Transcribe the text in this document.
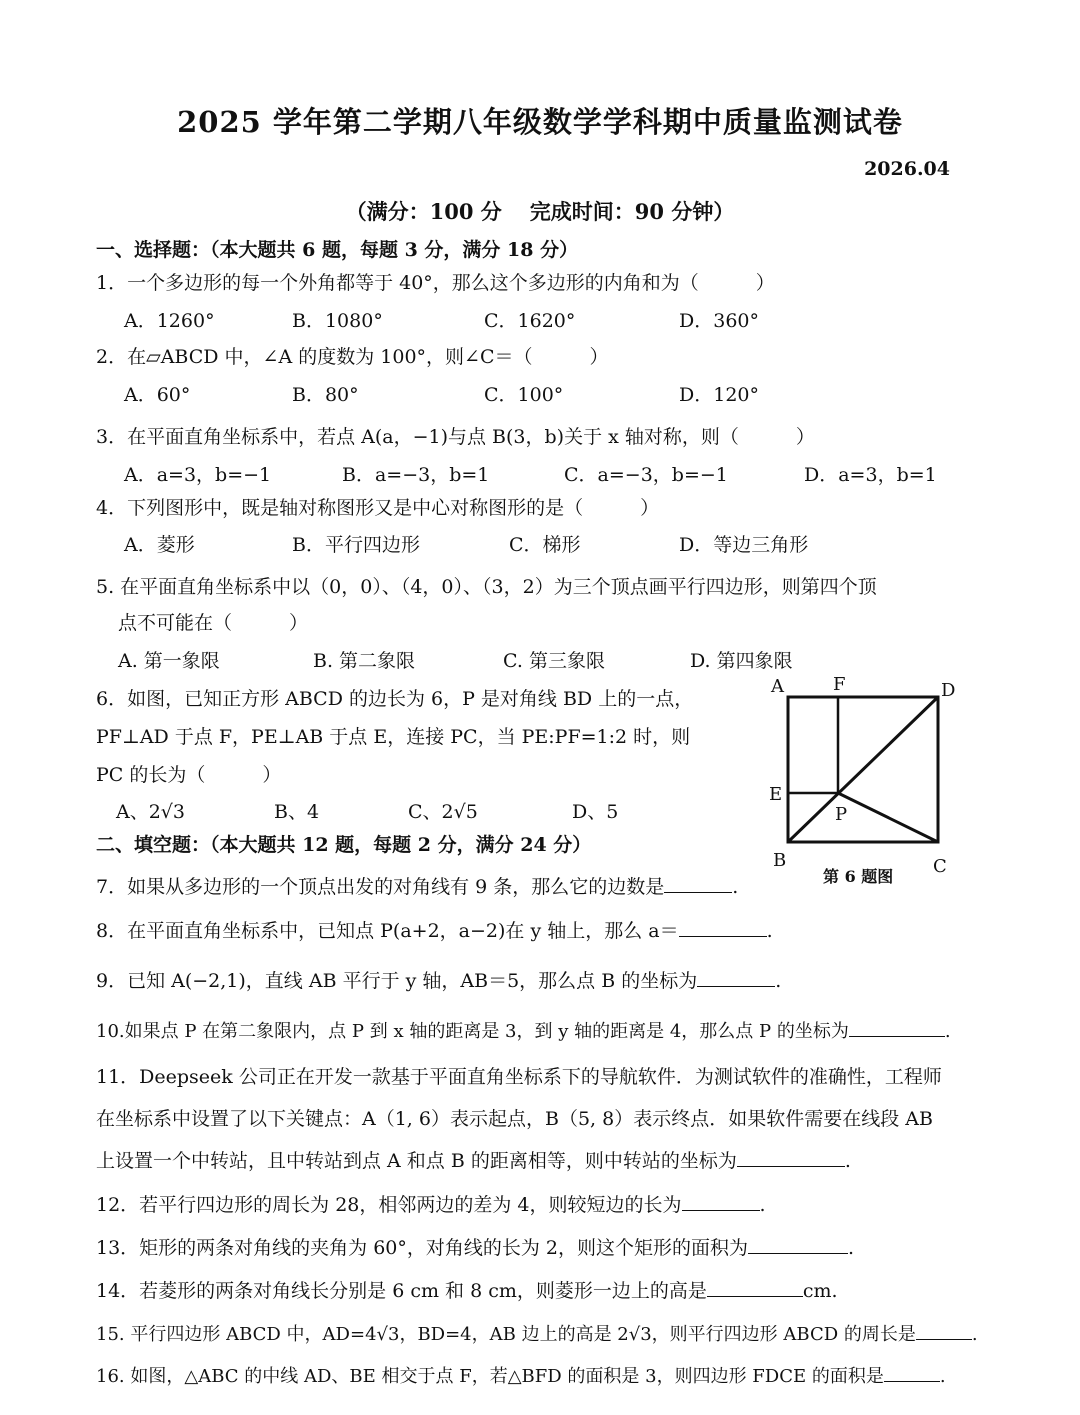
2025 学年第二学期八年级数学学科期中质量监测试卷
2026.04
（满分：100 分 完成时间：90 分钟）
一、选择题：（本大题共 6 题，每题 3 分，满分 18 分）
1．一个多边形的每一个外角都等于 40°，那么这个多边形的内角和为（　　　）
A．1260°	B．1080°	C．1620°	D．360°
2．在▱ABCD 中，∠A 的度数为 100°，则∠C＝（　　　）
A．60°	B．80°	C．100°	D．120°
3．在平面直角坐标系中，若点 A(a，−1)与点 B(3，b)关于 x 轴对称，则（　　　）
A．a=3，b=−1	B．a=−3，b=1	C．a=−3，b=−1	D．a=3，b=1
4．下列图形中，既是轴对称图形又是中心对称图形的是（　　　）
A．菱形	B．平行四边形	C．梯形	D．等边三角形
5. 在平面直角坐标系中以（0，0）、（4，0）、（3，2）为三个顶点画平行四边形，则第四个顶
点不可能在（　　　）
A. 第一象限	B. 第二象限	C. 第三象限	D. 第四象限
6．如图，已知正方形 ABCD 的边长为 6，P 是对角线 BD 上的一点，
PF⊥AD 于点 F，PE⊥AB 于点 E，连接 PC，当 PE:PF=1:2 时，则
PC 的长为（　　　）
A、2√3	B、4	C、2√5	D、5
A	F	D
E
P
B	C
第 6 题图
二、填空题：（本大题共 12 题，每题 2 分，满分 24 分）
7．如果从多边形的一个顶点出发的对角线有 9 条，那么它的边数是	.
8．在平面直角坐标系中，已知点 P(a+2，a−2)在 y 轴上，那么 a＝	.
9．已知 A(−2,1)，直线 AB 平行于 y 轴，AB＝5，那么点 B 的坐标为	.
10.如果点 P 在第二象限内，点 P 到 x 轴的距离是 3，到 y 轴的距离是 4，那么点 P 的坐标为	.
11．Deepseek 公司正在开发一款基于平面直角坐标系下的导航软件．为测试软件的准确性，工程师
在坐标系中设置了以下关键点：A（1, 6）表示起点，B（5, 8）表示终点．如果软件需要在线段 AB
上设置一个中转站，且中转站到点 A 和点 B 的距离相等，则中转站的坐标为	.
12．若平行四边形的周长为 28，相邻两边的差为 4，则较短边的长为	.
13．矩形的两条对角线的夹角为 60°，对角线的长为 2，则这个矩形的面积为	.
14．若菱形的两条对角线长分别是 6 cm 和 8 cm，则菱形一边上的高是	cm.
15. 平行四边形 ABCD 中，AD=4√3，BD=4，AB 边上的高是 2√3，则平行四边形 ABCD 的周长是	.
16. 如图，△ABC 的中线 AD、BE 相交于点 F，若△BFD 的面积是 3，则四边形 FDCE 的面积是	.
